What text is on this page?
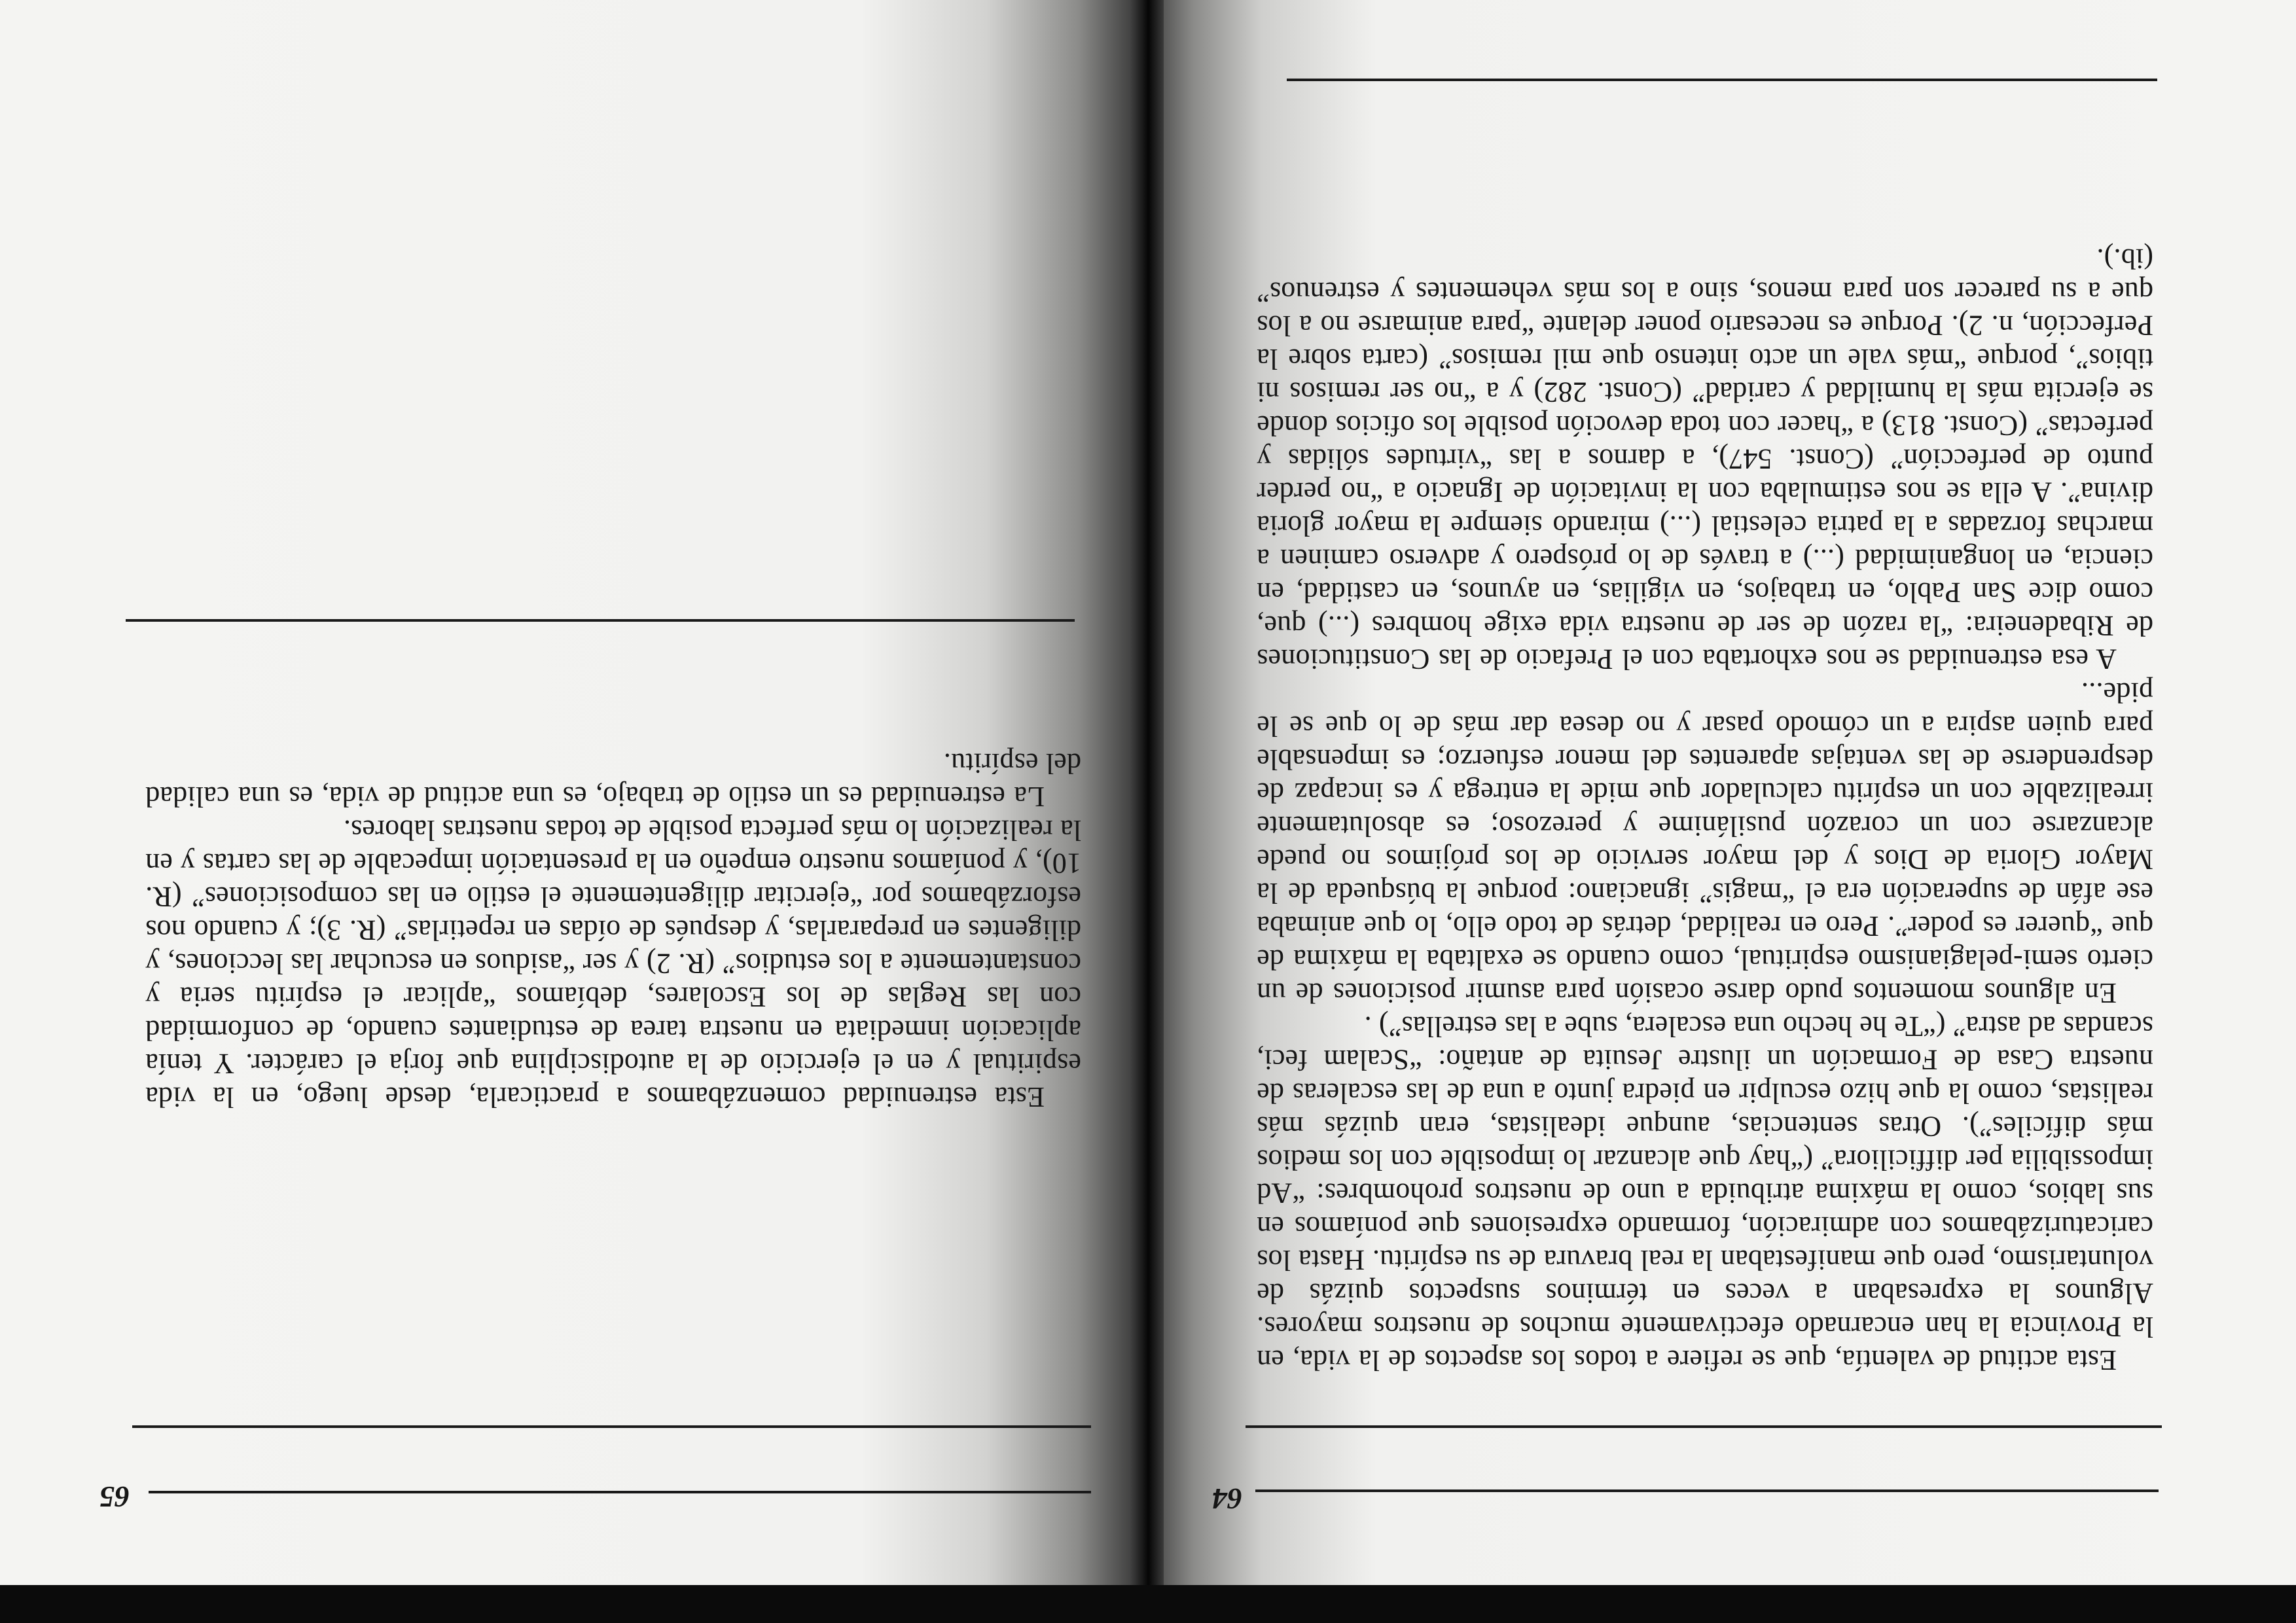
64

Esta actitud de valentía, que se refiere a todos los aspectos de la vida, en la Provincia la han encarnado efectivamente muchos de nuestros mayores. Algunos la expresaban a veces en términos suspectos quizás de voluntarismo, pero que manifestaban la real bravura de su espíritu. Hasta los caricaturizábamos con admiración, formando expresiones que poníamos en sus labios, como la máxima atribuida a uno de nuestros prohombres: “Ad impossibilia per difficiliora” (“hay que alcanzar lo imposible con los medios más difíciles”). Otras sentencias, aunque idealistas, eran quizás más realistas, como la que hizo esculpir en piedra junto a una de las escaleras de nuestra Casa de Formación un ilustre Jesuita de antaño: “Scalam feci, scandas ad astra” (“Te he hecho una escalera, sube a las estrellas”) .

En algunos momentos pudo darse ocasión para asumir posiciones de un cierto semi-pelagianismo espiritual, como cuando se exaltaba la máxima de que “querer es poder”. Pero en realidad, detrás de todo ello, lo que animaba ese afán de superación era el “magis” ignaciano: porque la búsqueda de la Mayor Gloria de Dios y del mayor servicio de los prójimos no puede alcanzarse con un corazón pusilánime y perezoso; es absolutamente irrealizable con un espíritu calculador que mide la entrega y es incapaz de desprenderse de las ventajas aparentes del menor esfuerzo; es impensable para quien aspira a un cómodo pasar y no desea dar más de lo que se le pide...

A esa estrenuidad se nos exhortaba con el Prefacio de las Constituciones de Ribadeneira: “la razón de ser de nuestra vida exige hombres (...) que, como dice San Pablo, en trabajos, en vigilias, en ayunos, en castidad, en ciencia, en longanimidad (...) a través de lo próspero y adverso caminen a marchas forzadas a la patria celestial (...) mirando siempre la mayor gloria divina”. A ella se nos estimulaba con la invitación de Ignacio a “no perder punto de perfección” (Const. 547), a darnos a las “virtudes sólidas y perfectas” (Const. 813) a “hacer con toda devoción posible los oficios donde se ejercita más la humildad y caridad” (Const. 282) y a “no ser remisos ni tibios”, porque “más vale un acto intenso que mil remisos” (carta sobre la Perfección, n. 2). Porque es necesario poner delante “para animarse no a los que a su parecer son para menos, sino a los más vehementes y estrenuos” (ib.).

65

Esta estrenuidad comenzábamos a practicarla, desde luego, en la vida espiritual y en el ejercicio de la autodisciplina que forja el carácter. Y tenía aplicación inmediata en nuestra tarea de estudiantes cuando, de conformidad con las Reglas de los Escolares, debíamos “aplicar el espíritu seria y constantemente a los estudios” (R. 2) y ser “asiduos en escuchar las lecciones, y diligentes en prepararlas, y después de oídas en repetirlas” (R. 3); y cuando nos esforzábamos por “ejercitar diligentemente el estilo en las composiciones” (R. 10), y poníamos nuestro empeño en la presentación impecable de las cartas y en la realización lo más perfecta posible de todas nuestras labores.

La estrenuidad es un estilo de trabajo, es una actitud de vida, es una calidad del espíritu.
